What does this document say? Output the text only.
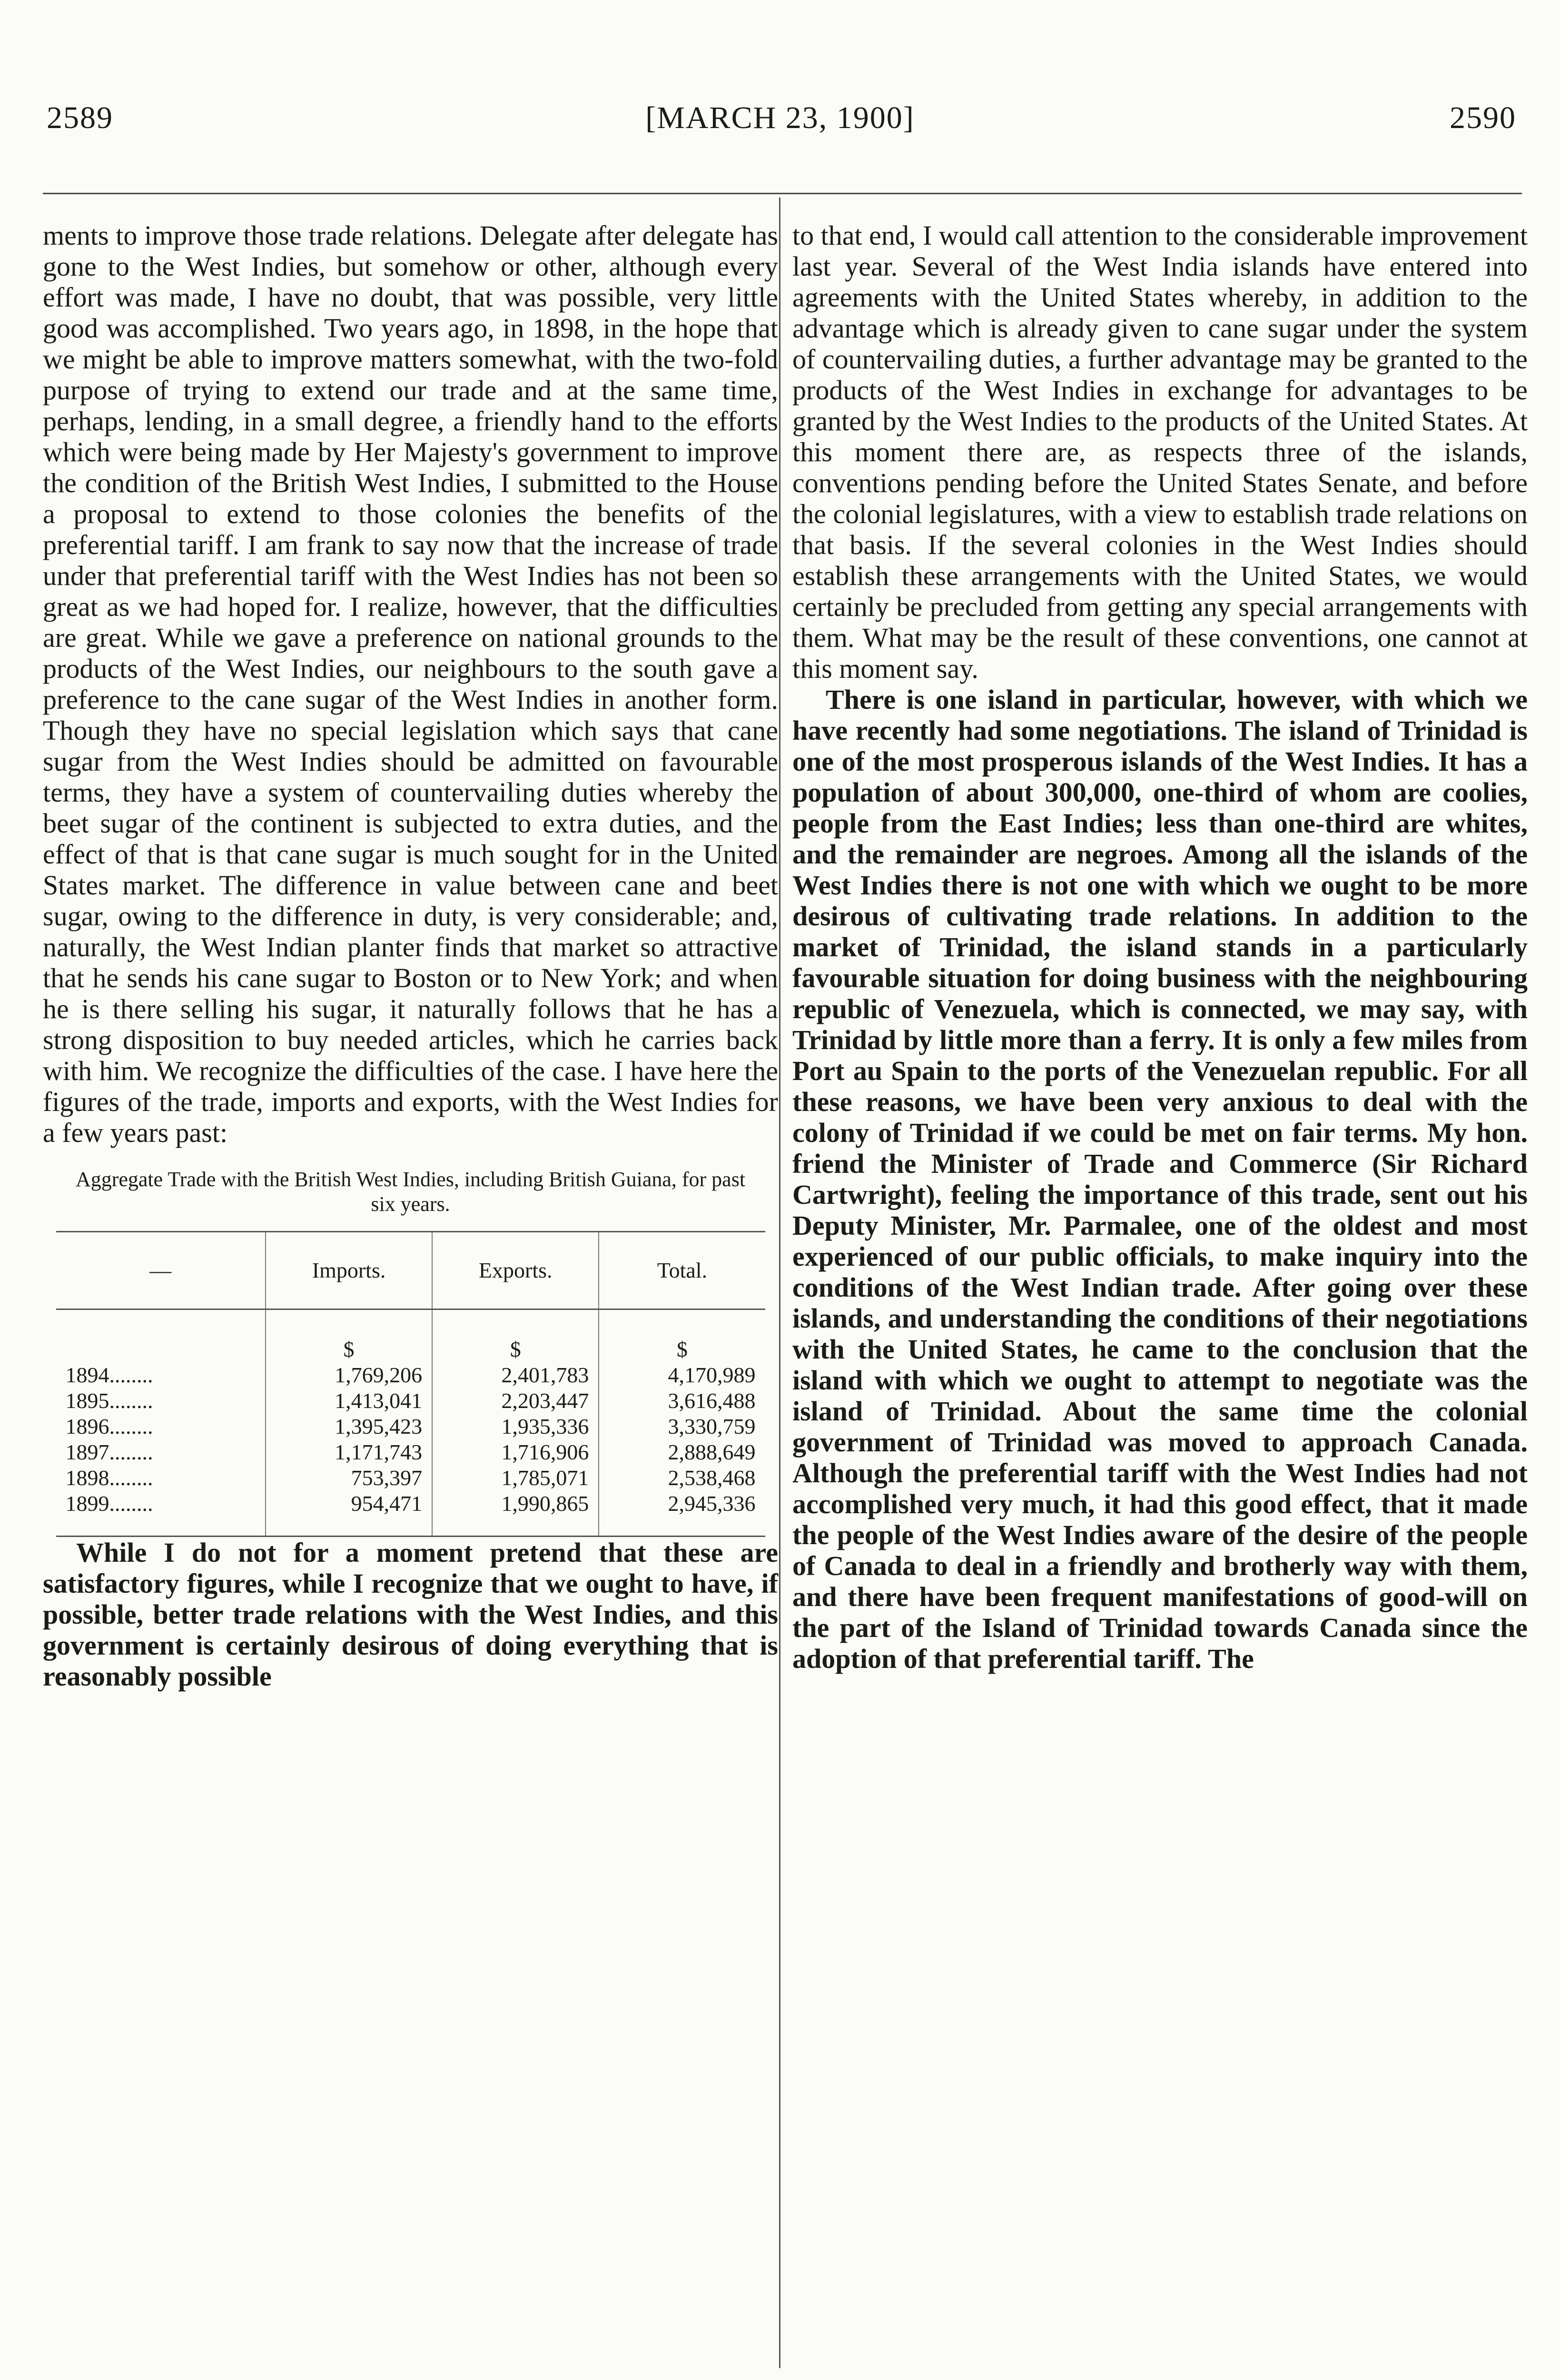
2589	[MARCH 23, 1900]	2590

ments to improve those trade relations. Delegate after delegate has gone to the West Indies, but somehow or other, although every effort was made, I have no doubt, that was possible, very little good was accomplished. Two years ago, in 1898, in the hope that we might be able to improve matters somewhat, with the two-fold purpose of trying to extend our trade and at the same time, perhaps, lending, in a small degree, a friendly hand to the efforts which were being made by Her Majesty's government to improve the condition of the British West Indies, I submitted to the House a proposal to extend to those colonies the benefits of the preferential tariff. I am frank to say now that the increase of trade under that preferential tariff with the West Indies has not been so great as we had hoped for. I realize, however, that the difficulties are great. While we gave a preference on national grounds to the products of the West Indies, our neighbours to the south gave a preference to the cane sugar of the West Indies in another form. Though they have no special legislation which says that cane sugar from the West Indies should be admitted on favourable terms, they have a system of countervailing duties whereby the beet sugar of the continent is subjected to extra duties, and the effect of that is that cane sugar is much sought for in the United States market. The difference in value between cane and beet sugar, owing to the difference in duty, is very considerable; and, naturally, the West Indian planter finds that market so attractive that he sends his cane sugar to Boston or to New York; and when he is there selling his sugar, it naturally follows that he has a strong disposition to buy needed articles, which he carries back with him. We recognize the difficulties of the case. I have here the figures of the trade, imports and exports, with the West Indies for a few years past:

Aggregate Trade with the British West Indies, including British Guiana, for past six years.
—	Imports.	Exports.	Total.
	$	$	$
1894........	1,769,206	2,401,783	4,170,989
1895........	1,413,041	2,203,447	3,616,488
1896........	1,395,423	1,935,336	3,330,759
1897........	1,171,743	1,716,906	2,888,649
1898........	753,397	1,785,071	2,538,468
1899........	954,471	1,990,865	2,945,336

While I do not for a moment pretend that these are satisfactory figures, while I recognize that we ought to have, if possible, better trade relations with the West Indies, and this government is certainly desirous of doing everything that is reasonably possible

to that end, I would call attention to the considerable improvement last year. Several of the West India islands have entered into agreements with the United States whereby, in addition to the advantage which is already given to cane sugar under the system of countervailing duties, a further advantage may be granted to the products of the West Indies in exchange for advantages to be granted by the West Indies to the products of the United States. At this moment there are, as respects three of the islands, conventions pending before the United States Senate, and before the colonial legislatures, with a view to establish trade relations on that basis. If the several colonies in the West Indies should establish these arrangements with the United States, we would certainly be precluded from getting any special arrangements with them. What may be the result of these conventions, one cannot at this moment say.

There is one island in particular, however, with which we have recently had some negotiations. The island of Trinidad is one of the most prosperous islands of the West Indies. It has a population of about 300,000, one-third of whom are coolies, people from the East Indies; less than one-third are whites, and the remainder are negroes. Among all the islands of the West Indies there is not one with which we ought to be more desirous of cultivating trade relations. In addition to the market of Trinidad, the island stands in a particularly favourable situation for doing business with the neighbouring republic of Venezuela, which is connected, we may say, with Trinidad by little more than a ferry. It is only a few miles from Port au Spain to the ports of the Venezuelan republic. For all these reasons, we have been very anxious to deal with the colony of Trinidad if we could be met on fair terms. My hon. friend the Minister of Trade and Commerce (Sir Richard Cartwright), feeling the importance of this trade, sent out his Deputy Minister, Mr. Parmalee, one of the oldest and most experienced of our public officials, to make inquiry into the conditions of the West Indian trade. After going over these islands, and understanding the conditions of their negotiations with the United States, he came to the conclusion that the island with which we ought to attempt to negotiate was the island of Trinidad. About the same time the colonial government of Trinidad was moved to approach Canada. Although the preferential tariff with the West Indies had not accomplished very much, it had this good effect, that it made the people of the West Indies aware of the desire of the people of Canada to deal in a friendly and brotherly way with them, and there have been frequent manifestations of good-will on the part of the Island of Trinidad towards Canada since the adoption of that preferential tariff. The
